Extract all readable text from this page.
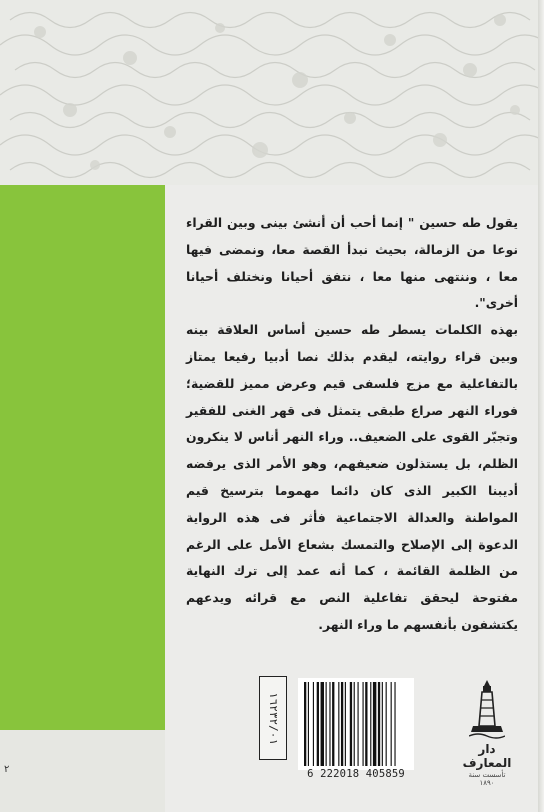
يقول طه حسين " إنما أحب أن أنشئ بينى وبين القراء نوعا من الزمالة، بحيث نبدأ القصة معا، ونمضى فيها معا ، وننتهى منها معا ، نتفق أحيانا ونختلف أحيانا أخرى".

بهذه الكلمات يسطر طه حسين أساس العلاقة بينه وبين قراء روايته، ليقدم بذلك نصا أدبيا رفيعا يمتاز بالتفاعلية مع مزج فلسفى قيم وعرض مميز للقضية؛فوراء النهر صراع طبقى يتمثل فى قهر الغنى للفقير وتجبّر القوى على الضعيف.. وراء النهر أناس لا ينكرون الظلم، بل يستذلون ضعيفهم، وهو الأمر الذى يرفضه أديبنا الكبير الذى كان دائما مهموما بترسيخ قيم المواطنة والعدالة الاجتماعية فأثر فى هذه الرواية الدعوة إلى الإصلاح والتمسك بشعاع الأمل على الرغم من الظلمة القائمة ، كما أنه عمد إلى ترك النهاية مفتوحة ليحقق تفاعلية النص مع قرائه ويدعهم يكتشفون بأنفسهم ما وراء النهر.

١٦٢٣٢/٠١
6 222018 405859
دار المعارف
تأسست سنة ١٨٩٠
٢
